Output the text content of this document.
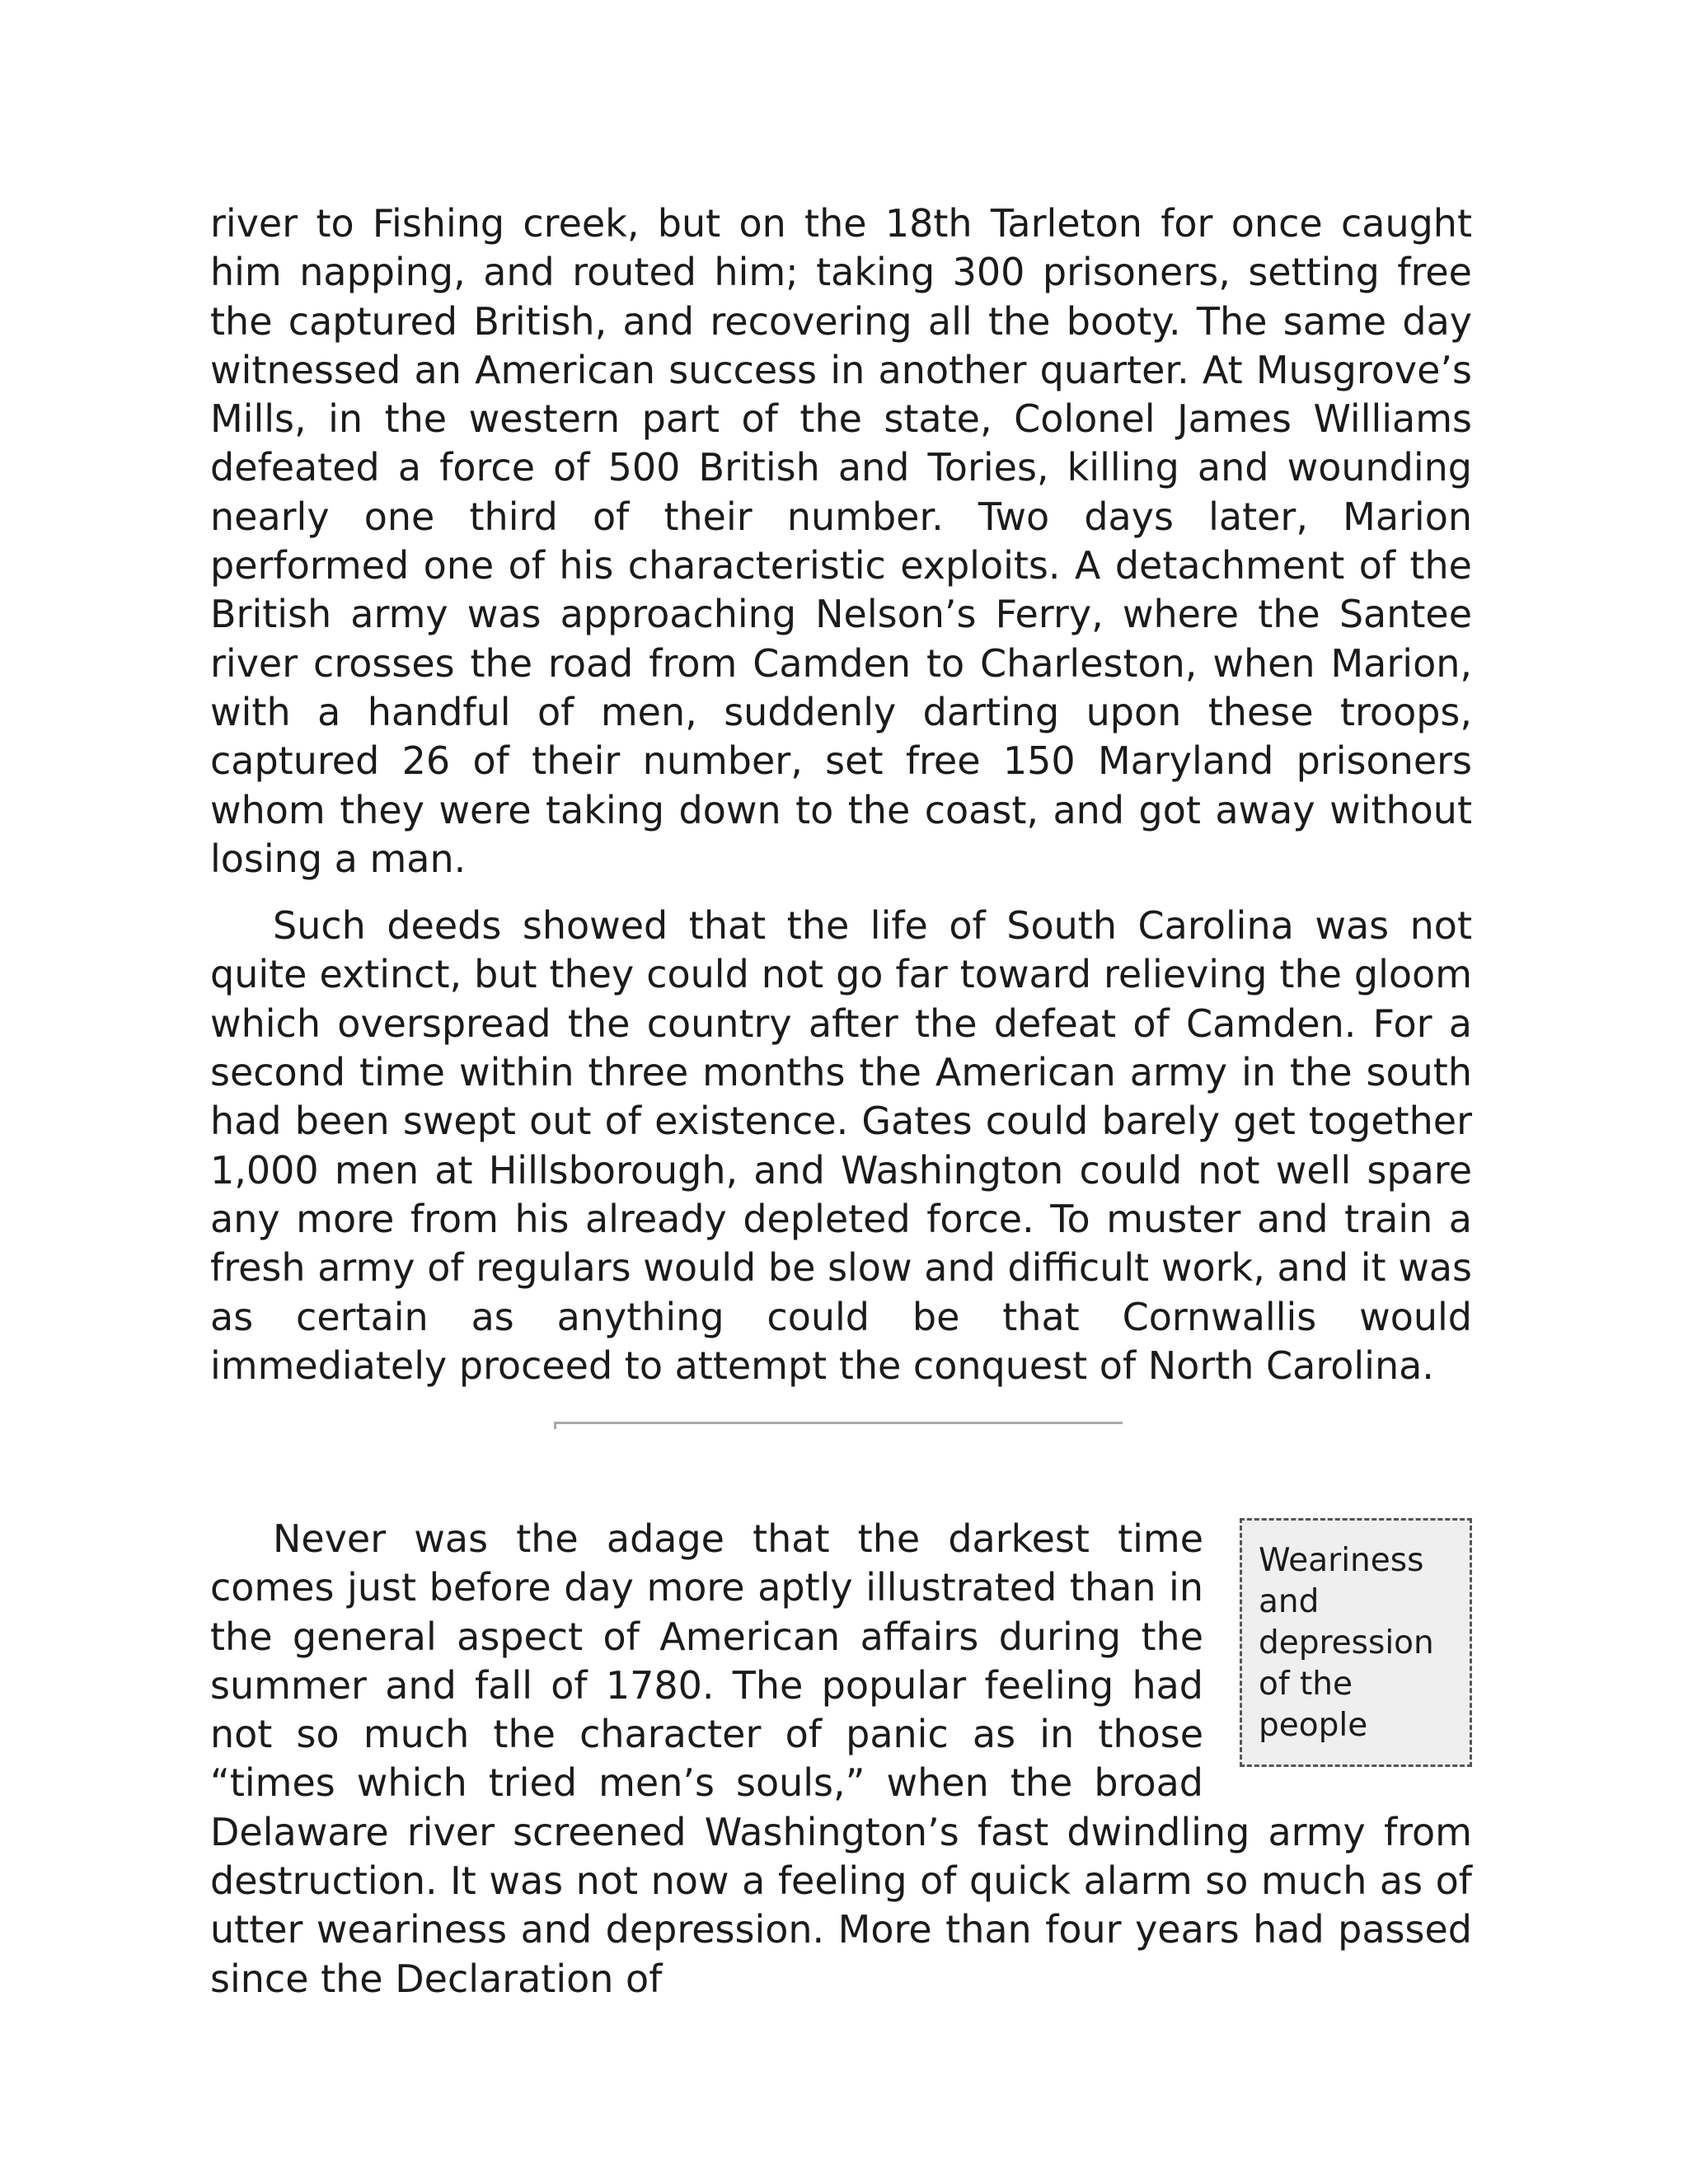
river to Fishing creek, but on the 18th Tarleton for once caught him napping, and routed him; taking 300 prisoners, setting free the captured British, and recovering all the booty. The same day witnessed an American success in another quarter. At Musgrove’s Mills, in the western part of the state, Colonel James Williams defeated a force of 500 British and Tories, killing and wounding nearly one third of their number. Two days later, Marion performed one of his characteristic exploits. A detachment of the British army was approaching Nelson’s Ferry, where the Santee river crosses the road from Camden to Charleston, when Marion, with a handful of men, suddenly darting upon these troops, captured 26 of their number, set free 150 Maryland prisoners whom they were taking down to the coast, and got away without losing a man.

Such deeds showed that the life of South Carolina was not quite extinct, but they could not go far toward relieving the gloom which overspread the country after the defeat of Camden. For a second time within three months the American army in the south had been swept out of existence. Gates could barely get together 1,000 men at Hillsborough, and Washington could not well spare any more from his already depleted force. To muster and train a fresh army of regulars would be slow and difficult work, and it was as certain as anything could be that Cornwallis would immediately proceed to attempt the conquest of North Carolina.

Weariness and depression of the people

Never was the adage that the darkest time comes just before day more aptly illustrated than in the general aspect of American affairs during the summer and fall of 1780. The popular feeling had not so much the character of panic as in those “times which tried men’s souls,” when the broad Delaware river screened Washington’s fast dwindling army from destruction. It was not now a feeling of quick alarm so much as of utter weariness and depression. More than four years had passed since the Declaration of
